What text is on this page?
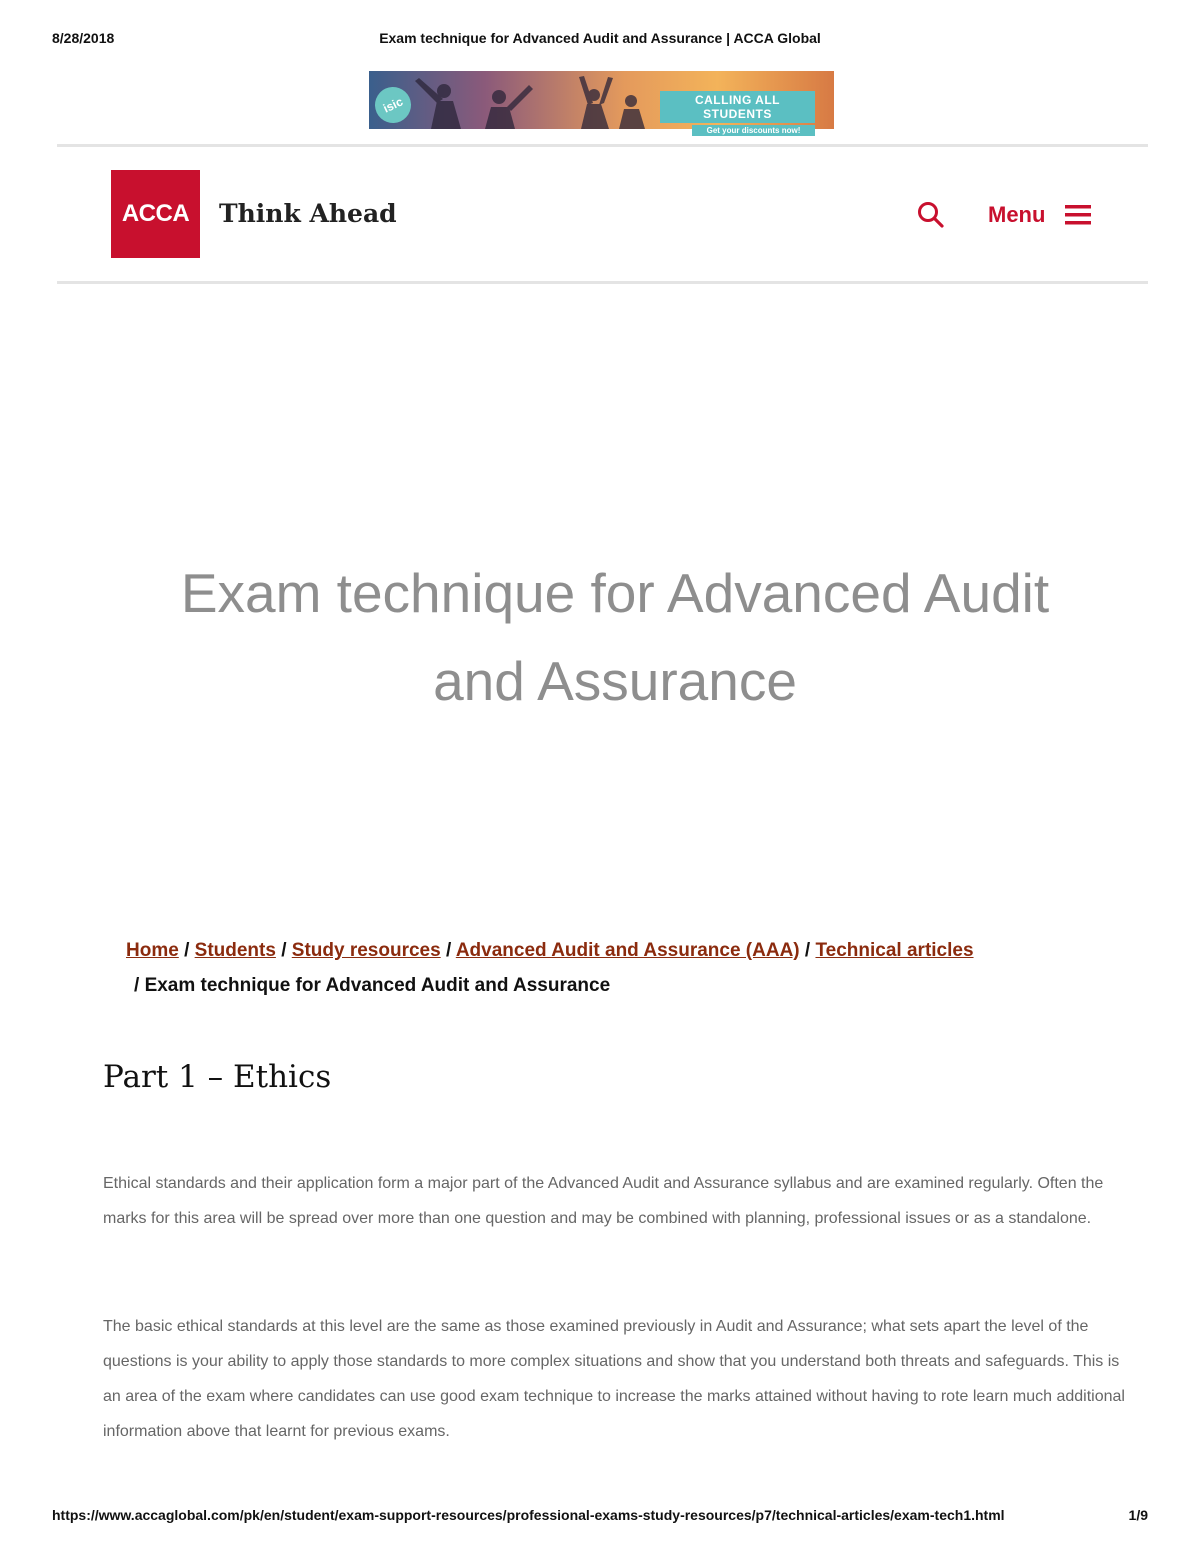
8/28/2018	Exam technique for Advanced Audit and Assurance | ACCA Global
isic	CALLING ALL STUDENTS
Get your discounts now!
ACCA Think Ahead	Menu
Exam technique for Advanced Audit
and Assurance
Home / Students / Study resources / Advanced Audit and Assurance (AAA) / Technical articles
/ Exam technique for Advanced Audit and Assurance
Part 1 – Ethics

Ethical standards and their application form a major part of the Advanced Audit and Assurance syllabus and are examined regularly. Often the marks for this area will be spread over more than one question and may be combined with planning, professional issues or as a standalone.

The basic ethical standards at this level are the same as those examined previously in Audit and Assurance; what sets apart the level of the questions is your ability to apply those standards to more complex situations and show that you understand both threats and safeguards. This is an area of the exam where candidates can use good exam technique to increase the marks attained without having to rote learn much additional information above that learnt for previous exams.

https://www.accaglobal.com/pk/en/student/exam-support-resources/professional-exams-study-resources/p7/technical-articles/exam-tech1.html	1/9
